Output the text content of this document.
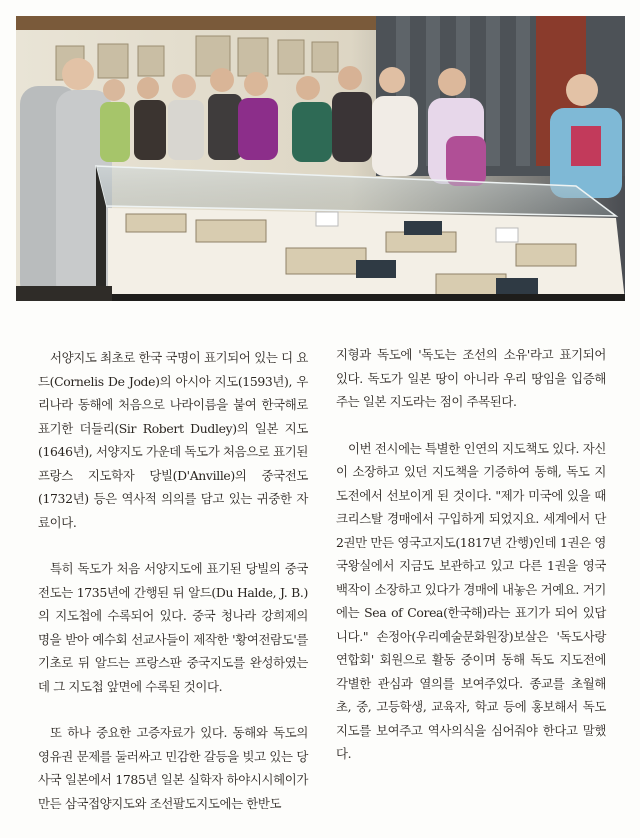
서양지도 최초로 한국 국명이 표기되어 있는 디 요드(Cornelis De Jode)의 아시아 지도(1593년), 우리나라 동해에 처음으로 나라이름을 붙여 한국해로 표기한 더들리(Sir Robert Dudley)의 일본 지도(1646년), 서양지도 가운데 독도가 처음으로 표기된 프랑스 지도학자 당빌(D'Anville)의 중국전도(1732년) 등은 역사적 의의를 담고 있는 귀중한 자료이다.

특히 독도가 처음 서양지도에 표기된 당빌의 중국전도는 1735년에 간행된 뒤 알드(Du Halde, J. B.)의 지도첩에 수록되어 있다. 중국 청나라 강희제의 명을 받아 예수회 선교사들이 제작한 '황여전람도'를 기초로 뒤 알드는 프랑스판 중국지도를 완성하였는데 그 지도첩 앞면에 수록된 것이다.

또 하나 중요한 고증자료가 있다. 동해와 독도의 영유권 문제를 둘러싸고 민감한 갈등을 빚고 있는 당사국 일본에서 1785년 일본 실학자 하야시시헤이가 만든 삼국접양지도와 조선팔도지도에는 한반도

지형과 독도에 '독도는 조선의 소유'라고 표기되어 있다. 독도가 일본 땅이 아니라 우리 땅임을 입증해 주는 일본 지도라는 점이 주목된다.

이번 전시에는 특별한 인연의 지도책도 있다. 자신이 소장하고 있던 지도책을 기증하여 동해, 독도 지도전에서 선보이게 된 것이다. "제가 미국에 있을 때 크리스탈 경매에서 구입하게 되었지요. 세계에서 단 2권만 만든 영국고지도(1817년 간행)인데 1권은 영국왕실에서 지금도 보관하고 있고 다른 1권을 영국백작이 소장하고 있다가 경매에 내놓은 거예요. 거기에는 Sea of Corea(한국해)라는 표기가 되어 있답니다." 손정아(우리예술문화원장)보살은 '독도사랑연합회' 회원으로 활동 중이며 동해 독도 지도전에 각별한 관심과 열의를 보여주었다. 종교를 초월해 초, 중, 고등학생, 교육자, 학교 등에 홍보해서 독도 지도를 보여주고 역사의식을 심어줘야 한다고 말했다.
